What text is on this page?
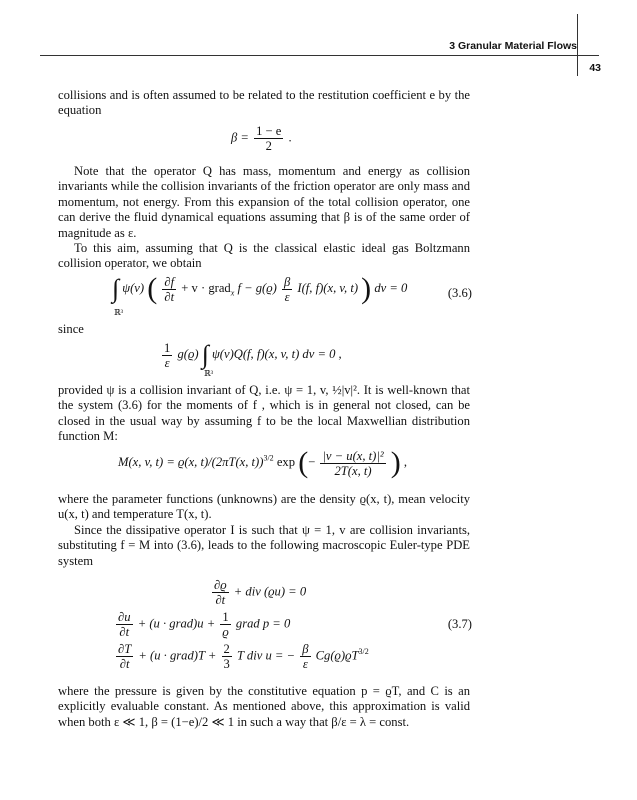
3 Granular Material Flows
43

collisions and is often assumed to be related to the restitution coefficient e by the equation

$\beta = \frac{1 - e}{2}$ .

Note that the operator Q has mass, momentum and energy as collision invariants while the collision invariants of the friction operator are only mass and momentum, not energy. From this expansion of the total collision operator, one can derive the fluid dynamical equations assuming that β is of the same order of magnitude as ε.

To this aim, assuming that Q is the classical elastic ideal gas Boltzmann collision operator, we obtain

∫ ψ(v) ( $\frac{\partial f}{\partial t} + v$ · grad$_x$ $f - g(ϱ) \frac{\beta}{\varepsilon} I(f$, f)(x, v, t) ) dv = 0
ℝ³
(3.6)

since

$\frac{1}{\varepsilon} g(ϱ)$ ∫ ψ(v)Q(f, f)(x, v, t) dv = 0 ,
ℝ³

provided ψ is a collision invariant of Q, i.e. ψ = 1, v, ½|v|². It is well-known that the system (3.6) for the moments of f , which is in general not closed, can be closed in the usual way by assuming f to be the local Maxwellian distribution function M:

M(x, v, t) = ϱ(x, t)/(2πT(x, t))$^{3/2}$ exp (− $\frac{\text{|v − u(x, t)|²}}{2T(x, t)}$ ) ,

where the parameter functions (unknowns) are the density ϱ(x, t), mean velocity u(x, t) and temperature T(x, t).

Since the dissipative operator I is such that ψ = 1, v are collision invariants, substituting f = M into (3.6), leads to the following macroscopic Euler-type PDE system

$\frac{\partial ϱ}{\partial t}$ + div (ϱu) = 0
$\frac{\partial u}{\partial t} + (u$ · grad)u + $\frac{1}{ϱ}$ grad p = 0	(3.7)
$\frac{\partial T}{\partial t} + (u$ · grad)T + $\frac{2}{3}$ T div u = − $\frac{\beta}{\varepsilon} Cg(ϱ)ϱT^{3/2}$

where the pressure is given by the constitutive equation p = ϱT, and C is an explicitly evaluable constant. As mentioned above, this approximation is valid when both ε ≪ 1, β = (1−e)/2 ≪ 1 in such a way that β/ε = λ = const.
